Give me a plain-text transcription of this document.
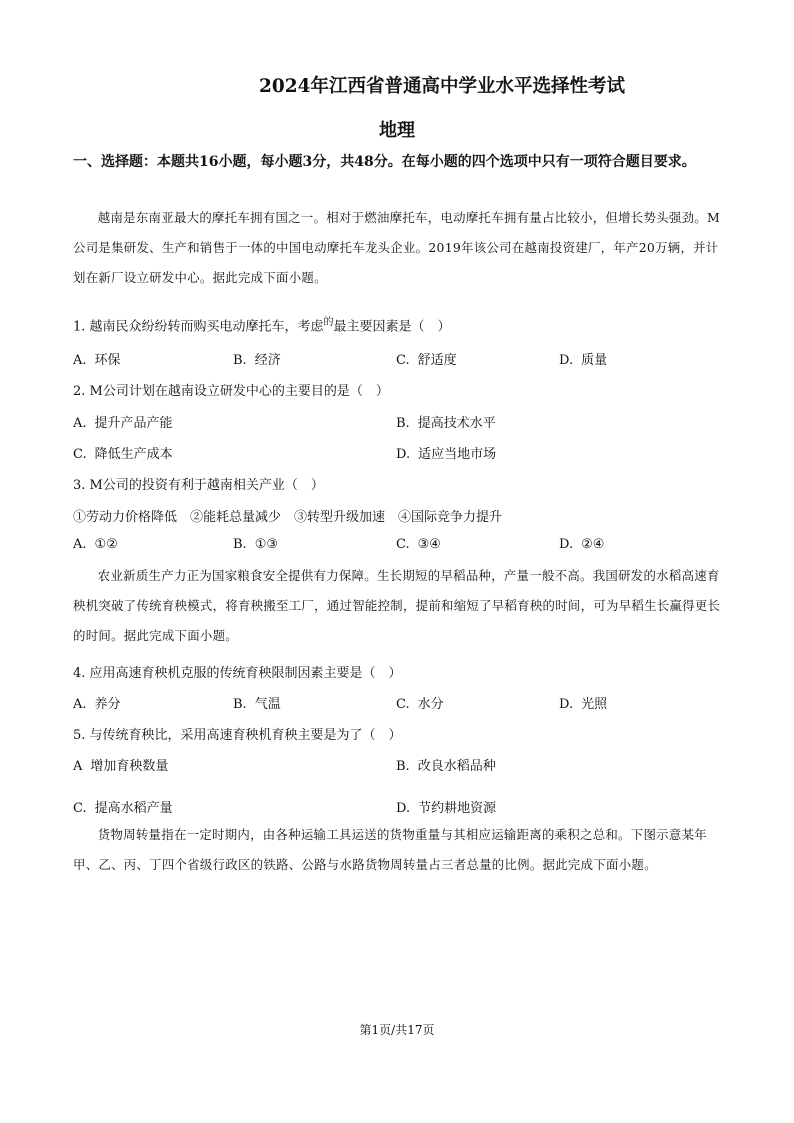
2024年江西省普通高中学业水平选择性考试
地理
一、选择题：本题共16小题，每小题3分，共48分。在每小题的四个选项中只有一项符合题目要求。
越南是东南亚最大的摩托车拥有国之一。相对于燃油摩托车，电动摩托车拥有量占比较小，但增长势头强劲。M公司是集研发、生产和销售于一体的中国电动摩托车龙头企业。2019年该公司在越南投资建厂，年产20万辆，并计划在新厂设立研发中心。据此完成下面小题。
1. 越南民众纷纷转而购买电动摩托车，考虑$^的$最主要因素是（　）
A. 环保	B. 经济	C. 舒适度	D. 质量
2. M公司计划在越南设立研发中心的主要目的是（　）
A. 提升产品产能	B. 提高技术水平
C. 降低生产成本	D. 适应当地市场
3. M公司的投资有利于越南相关产业（　）
①劳动力价格降低　②能耗总量减少　③转型升级加速　④国际竞争力提升
A. ①②	B. ①③	C. ③④	D. ②④
农业新质生产力正为国家粮食安全提供有力保障。生长期短的早稻品种，产量一般不高。我国研发的水稻高速育秧机突破了传统育秧模式，将育秧搬至工厂，通过智能控制，提前和缩短了早稻育秧的时间，可为早稻生长赢得更长的时间。据此完成下面小题。
4. 应用高速育秧机克服的传统育秧限制因素主要是（　）
A. 养分	B. 气温	C. 水分	D. 光照
5. 与传统育秧比，采用高速育秧机育秧主要是为了（　）
A 增加育秧数量	B. 改良水稻品种
C. 提高水稻产量	D. 节约耕地资源
货物周转量指在一定时期内，由各种运输工具运送的货物重量与其相应运输距离的乘积之总和。下图示意某年甲、乙、丙、丁四个省级行政区的铁路、公路与水路货物周转量占三者总量的比例。据此完成下面小题。
第1页/共17页
